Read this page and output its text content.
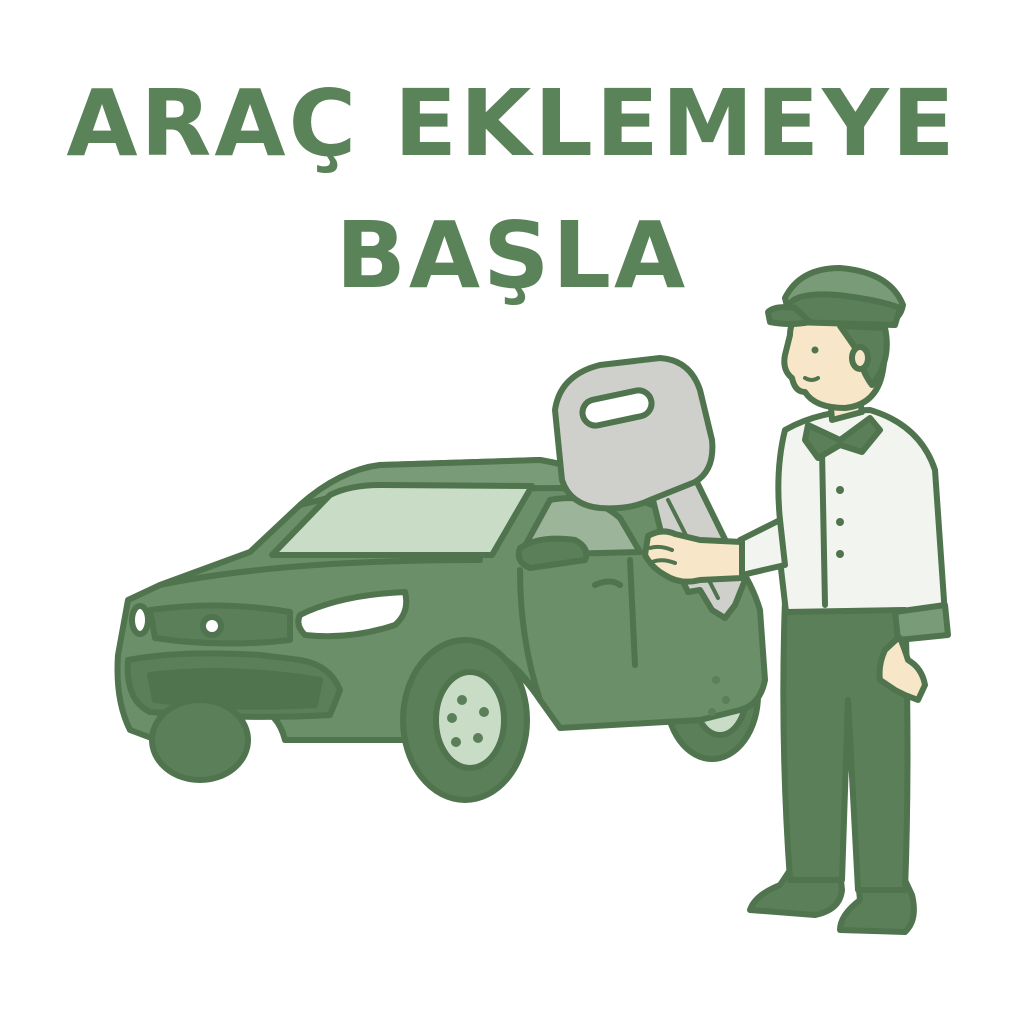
ARAÇ EKLEMEYE
BAŞLA
